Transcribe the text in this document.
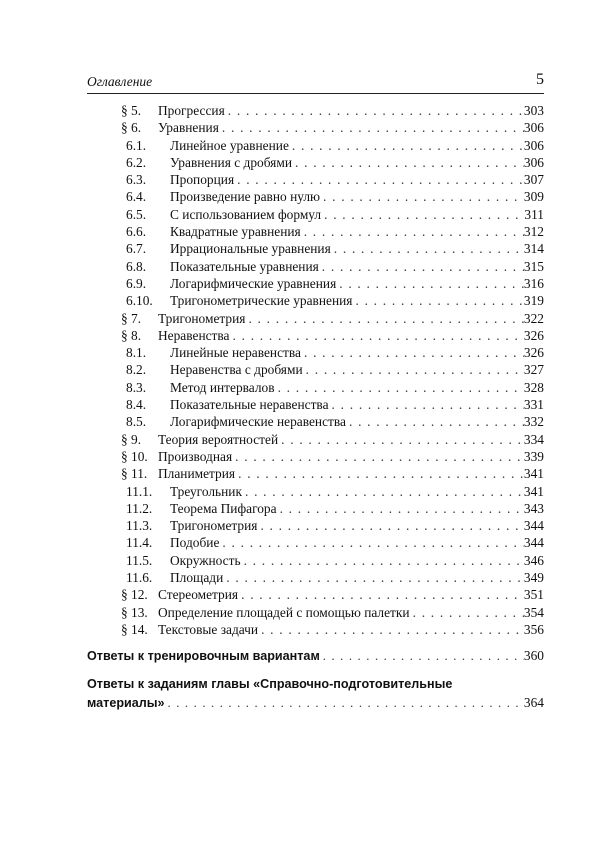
Оглавление	5
§ 5. Прогрессия . . .	303
§ 6. Уравнения . . .	306
6.1. Линейное уравнение . . .	306
6.2. Уравнения с дробями . . .	306
6.3. Пропорция . . .	307
6.4. Произведение равно нулю . . .	309
6.5. С использованием формул . . .	311
6.6. Квадратные уравнения . . .	312
6.7. Иррациональные уравнения . . .	314
6.8. Показательные уравнения . . .	315
6.9. Логарифмические уравнения . . .	316
6.10. Тригонометрические уравнения . . .	319
§ 7. Тригонометрия . . .	322
§ 8. Неравенства . . .	326
8.1. Линейные неравенства . . .	326
8.2. Неравенства с дробями . . .	327
8.3. Метод интервалов . . .	328
8.4. Показательные неравенства . . .	331
8.5. Логарифмические неравенства . . .	332
§ 9. Теория вероятностей . . .	334
§ 10. Производная . . .	339
§ 11. Планиметрия . . .	341
11.1. Треугольник . . .	341
11.2. Теорема Пифагора . . .	343
11.3. Тригонометрия . . .	344
11.4. Подобие . . .	344
11.5. Окружность . . .	346
11.6. Площади . . .	349
§ 12. Стереометрия . . .	351
§ 13. Определение площадей с помощью палетки . . .	354
§ 14. Текстовые задачи . . .	356
Ответы к тренировочным вариантам . . .	360
Ответы к заданиям главы «Справочно-подготовительные
материалы» . . .	364
